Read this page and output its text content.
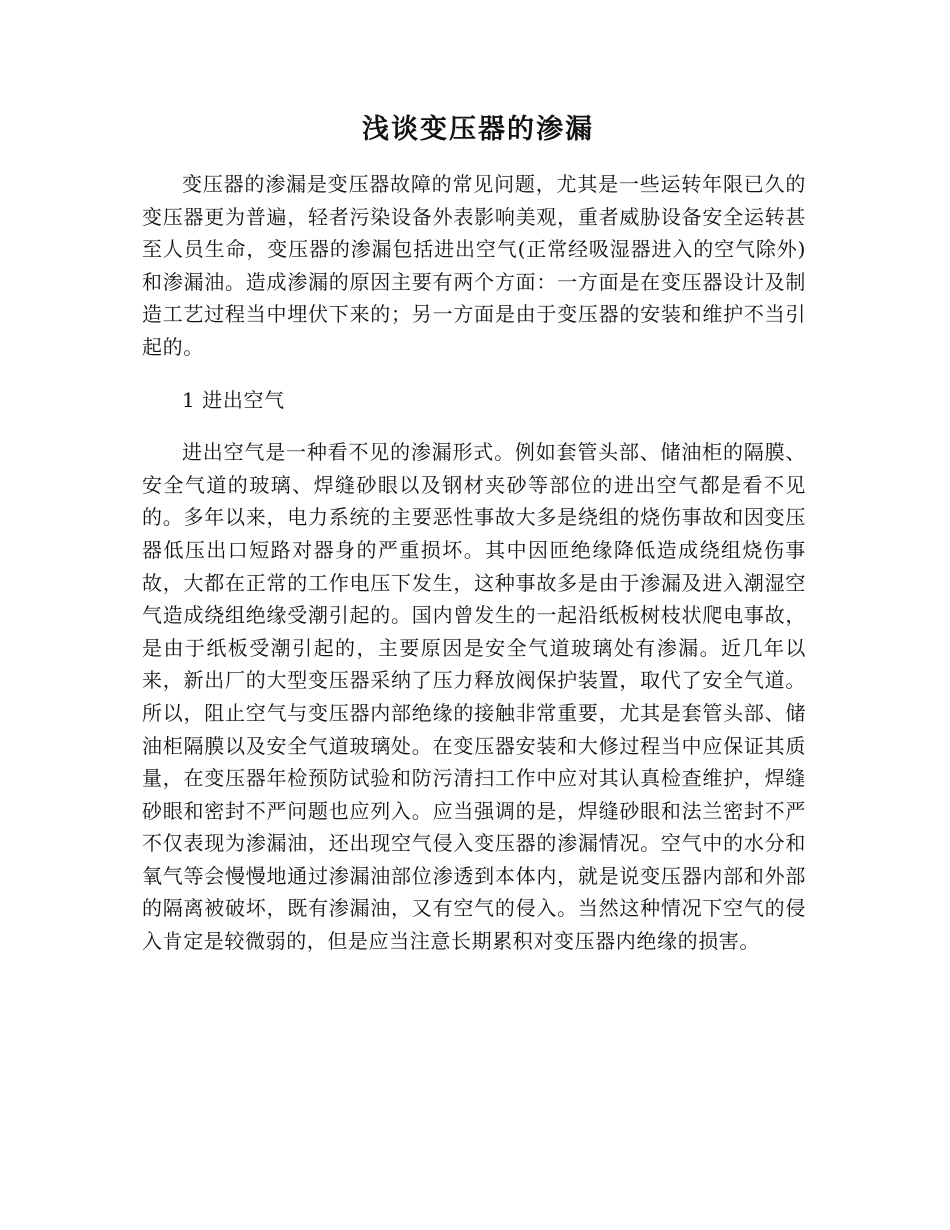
浅谈变压器的渗漏

变压器的渗漏是变压器故障的常见问题，尤其是一些运转年限已久的变压器更为普遍，轻者污染设备外表影响美观，重者威胁设备安全运转甚至人员生命，变压器的渗漏包括进出空气(正常经吸湿器进入的空气除外)和渗漏油。造成渗漏的原因主要有两个方面：一方面是在变压器设计及制造工艺过程当中埋伏下来的；另一方面是由于变压器的安装和维护不当引起的。

1 进出空气

进出空气是一种看不见的渗漏形式。例如套管头部、储油柜的隔膜、安全气道的玻璃、焊缝砂眼以及钢材夹砂等部位的进出空气都是看不见的。多年以来，电力系统的主要恶性事故大多是绕组的烧伤事故和因变压器低压出口短路对器身的严重损坏。其中因匝绝缘降低造成绕组烧伤事故，大都在正常的工作电压下发生，这种事故多是由于渗漏及进入潮湿空气造成绕组绝缘受潮引起的。国内曾发生的一起沿纸板树枝状爬电事故，是由于纸板受潮引起的，主要原因是安全气道玻璃处有渗漏。近几年以来，新出厂的大型变压器采纳了压力释放阀保护装置，取代了安全气道。所以，阻止空气与变压器内部绝缘的接触非常重要，尤其是套管头部、储油柜隔膜以及安全气道玻璃处。在变压器安装和大修过程当中应保证其质量，在变压器年检预防试验和防污清扫工作中应对其认真检查维护，焊缝砂眼和密封不严问题也应列入。应当强调的是，焊缝砂眼和法兰密封不严不仅表现为渗漏油，还出现空气侵入变压器的渗漏情况。空气中的水分和氧气等会慢慢地通过渗漏油部位渗透到本体内，就是说变压器内部和外部的隔离被破坏，既有渗漏油，又有空气的侵入。当然这种情况下空气的侵入肯定是较微弱的，但是应当注意长期累积对变压器内绝缘的损害。
